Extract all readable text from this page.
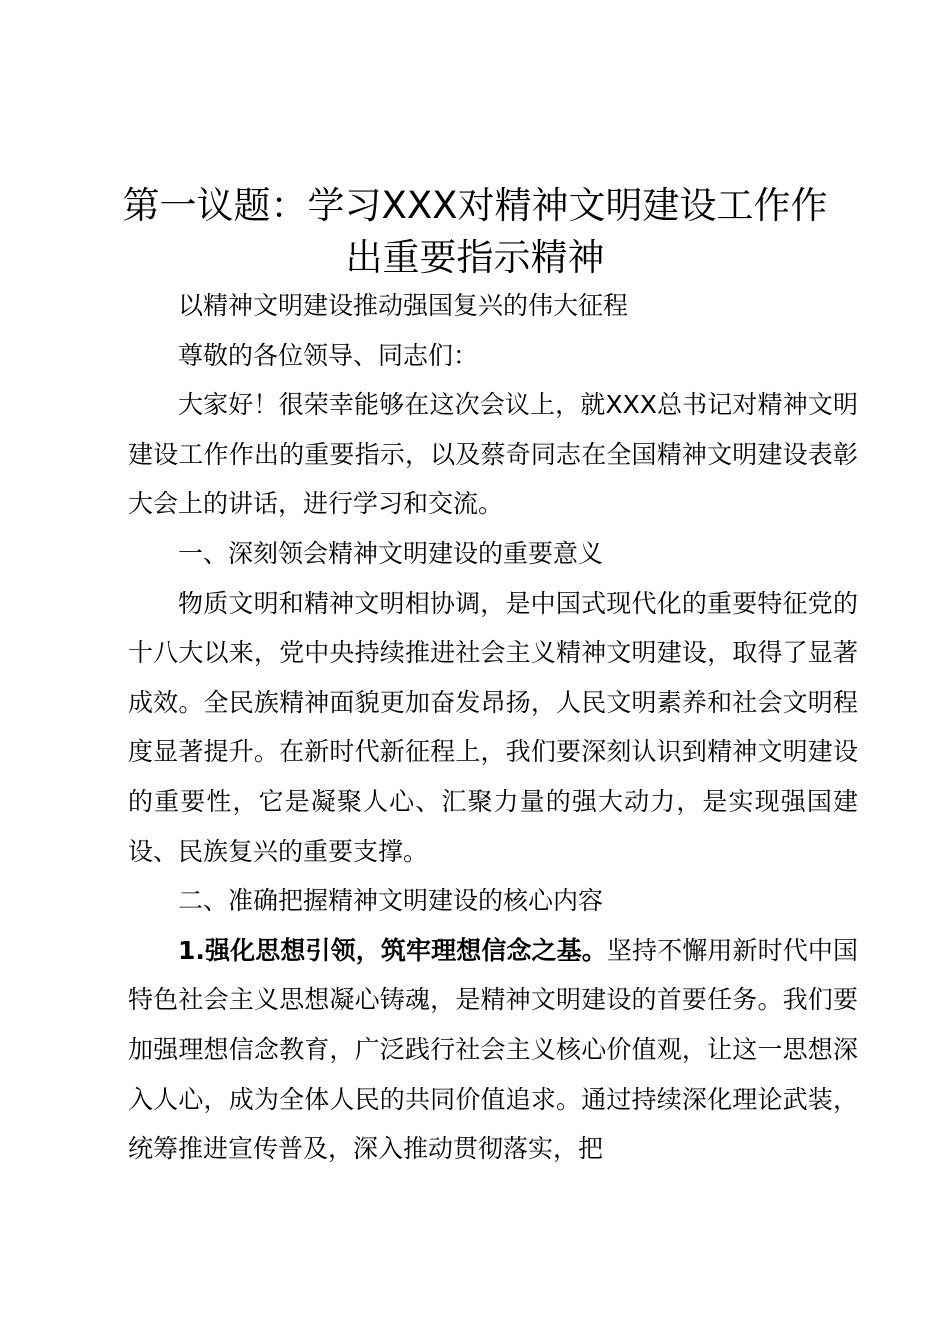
第一议题：学习XXX对精神文明建设工作作
出重要指示精神

以精神文明建设推动强国复兴的伟大征程

尊敬的各位领导、同志们：

大家好！很荣幸能够在这次会议上，就XXX总书记对精神文明建设工作作出的重要指示，以及蔡奇同志在全国精神文明建设表彰大会上的讲话，进行学习和交流。

一、深刻领会精神文明建设的重要意义

物质文明和精神文明相协调，是中国式现代化的重要特征党的十八大以来，党中央持续推进社会主义精神文明建设，取得了显著成效。全民族精神面貌更加奋发昂扬，人民文明素养和社会文明程度显著提升。在新时代新征程上，我们要深刻认识到精神文明建设的重要性，它是凝聚人心、汇聚力量的强大动力，是实现强国建设、民族复兴的重要支撑。

二、准确把握精神文明建设的核心内容

1.强化思想引领，筑牢理想信念之基。坚持不懈用新时代中国特色社会主义思想凝心铸魂，是精神文明建设的首要任务。我们要加强理想信念教育，广泛践行社会主义核心价值观，让这一思想深入人心，成为全体人民的共同价值追求。通过持续深化理论武装，统筹推进宣传普及，深入推动贯彻落实，把
